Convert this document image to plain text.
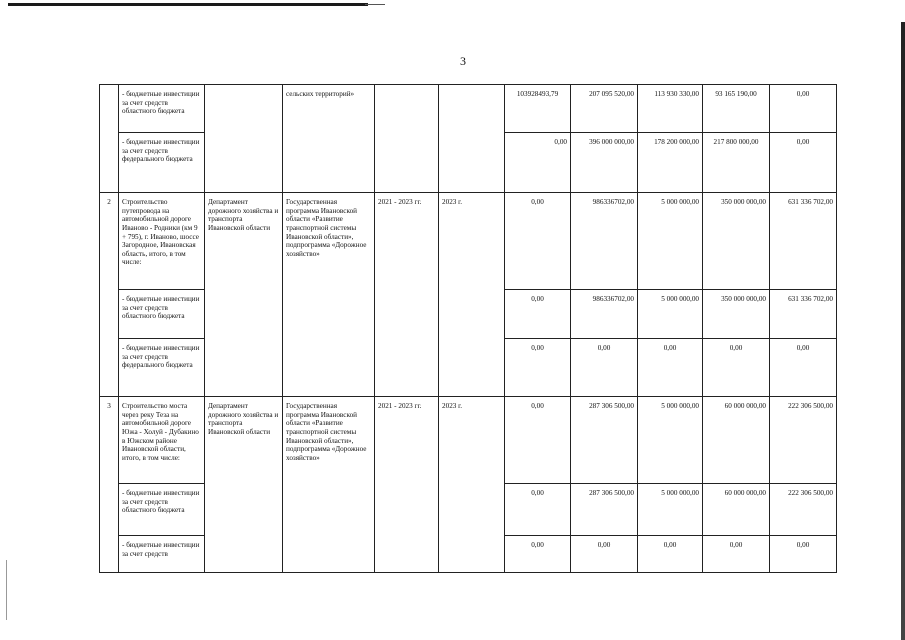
3
	- бюджетные инвестиции за счет средств областного бюджета		сельских территорий»			103928493,79	207 095 520,00	113 930 330,00	93 165 190,00	0,00
	- бюджетные инвестиции за счет средств федерального бюджета					0,00	396 000 000,00	178 200 000,00	217 800 000,00	0,00
2	Строительство путепровода на автомобильной дороге Иваново - Родники (км 9 + 795), г. Иваново, шоссе Загородное, Ивановская область, итого, в том числе:	Департамент дорожного хозяйства и транспорта Ивановской области	Государственная программа Ивановской области «Развитие транспортной системы Ивановской области», подпрограмма «Дорожное хозяйство»	2021 - 2023 гг.	2023 г.	0,00	986336702,00	5 000 000,00	350 000 000,00	631 336 702,00
	- бюджетные инвестиции за счет средств областного бюджета					0,00	986336702,00	5 000 000,00	350 000 000,00	631 336 702,00
	- бюджетные инвестиции за счет средств федерального бюджета					0,00	0,00	0,00	0,00	0,00
3	Строительство моста через реку Теза на автомобильной дороге Южа - Холуй - Дубакино в Южском районе Ивановской области, итого, в том числе:	Департамент дорожного хозяйства и транспорта Ивановской области	Государственная программа Ивановской области «Развитие транспортной системы Ивановской области», подпрограмма «Дорожное хозяйство»	2021 - 2023 гг.	2023 г.	0,00	287 306 500,00	5 000 000,00	60 000 000,00	222 306 500,00
	- бюджетные инвестиции за счет средств областного бюджета					0,00	287 306 500,00	5 000 000,00	60 000 000,00	222 306 500,00
	- бюджетные инвестиции за счет средств					0,00	0,00	0,00	0,00	0,00
